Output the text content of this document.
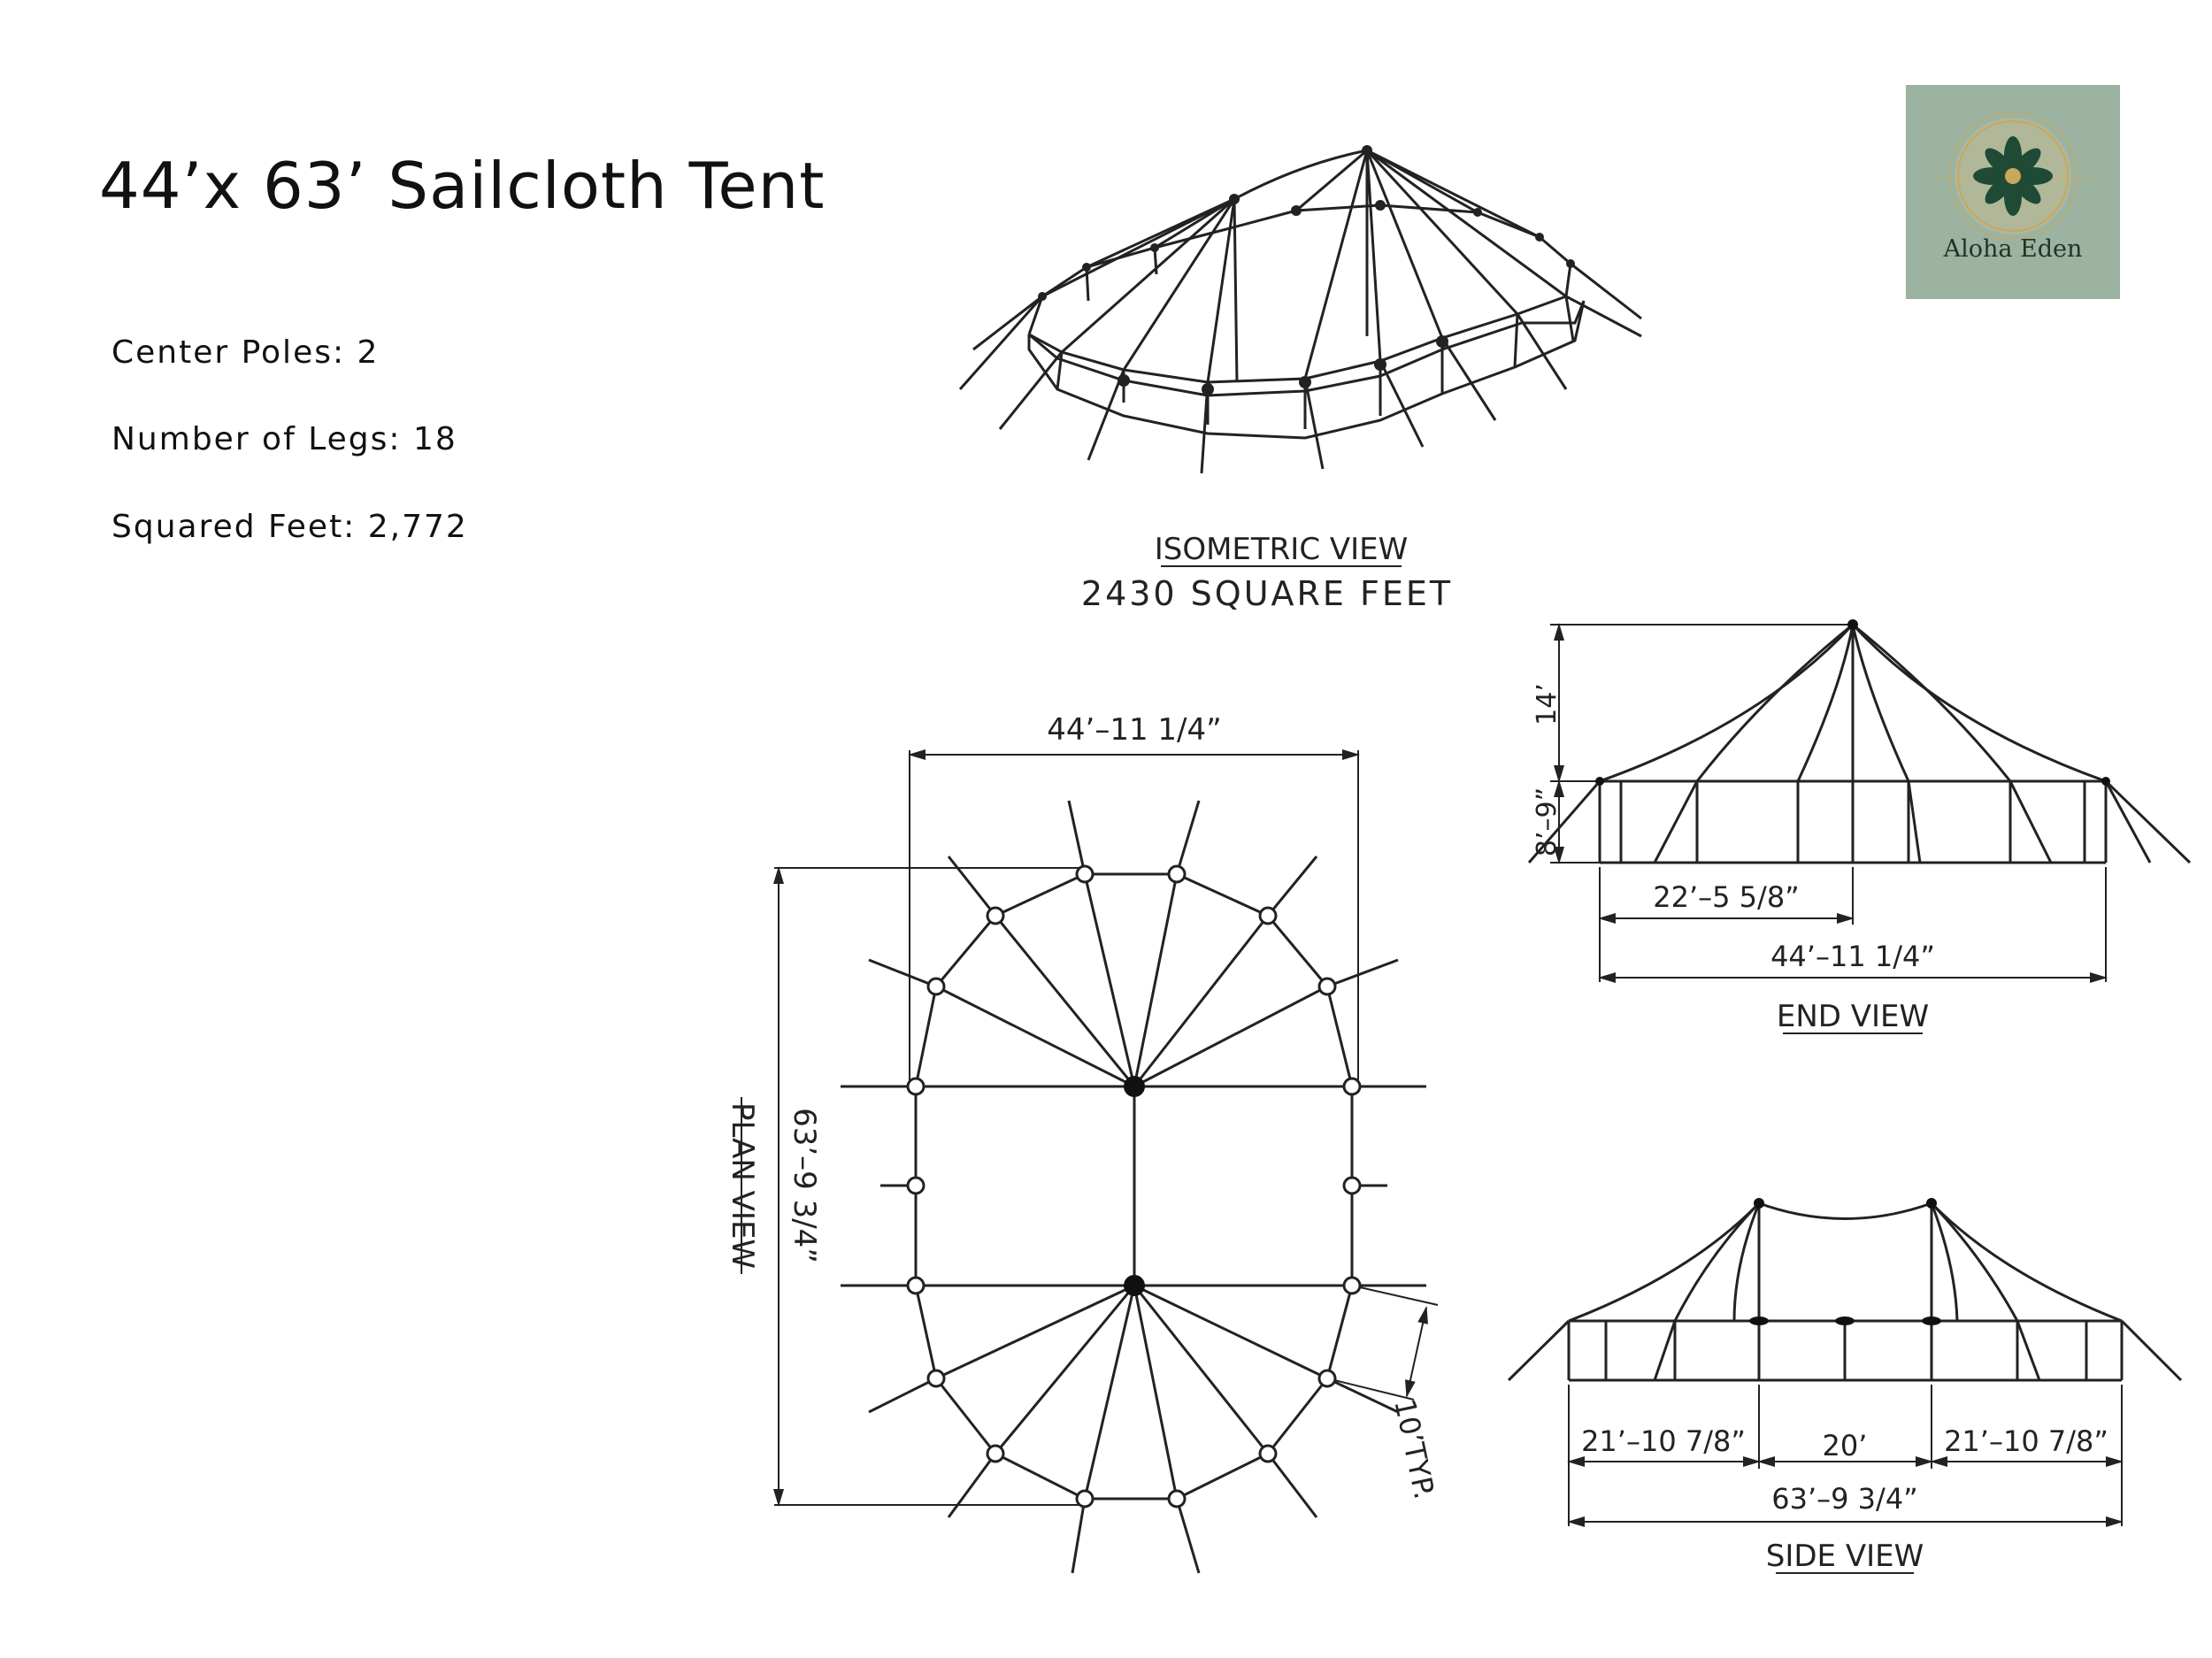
44’x 63’ Sailcloth Tent
Center Poles: 2
Number of Legs: 18
Squared Feet: 2,772
Aloha Eden
ISOMETRIC VIEW
2430 SQUARE FEET
44’–11 1/4”
63’–9 3/4”
PLAN VIEW
10’TYP.
14’
8’–9”
22’–5 5/8”
44’–11 1/4”
END VIEW
21’–10 7/8”	20’	21’–10 7/8”
63’–9 3/4”
SIDE VIEW
